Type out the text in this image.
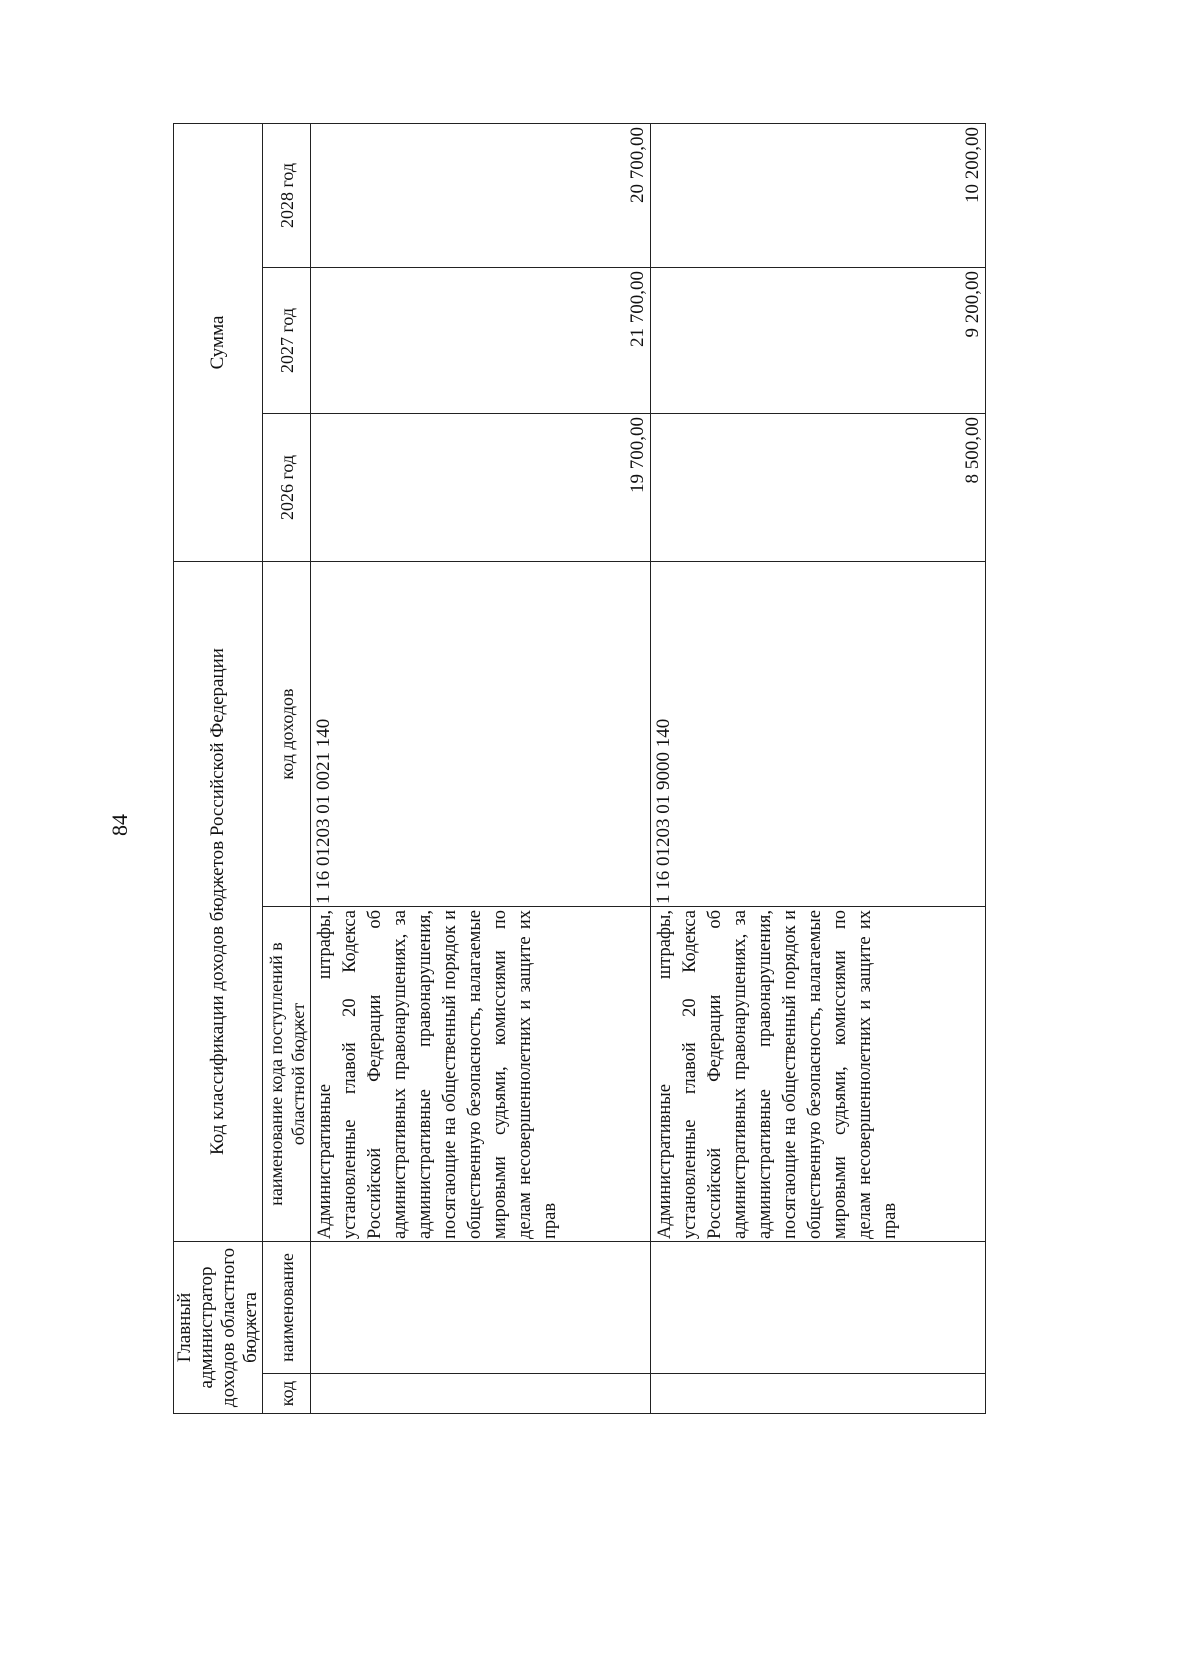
84
Главный администратор доходов областного бюджета		Код классификации доходов бюджетов Российской Федерации		Сумма		
код	наименование	наименование кода поступлений в областной бюджет	код доходов	2026 год	2027 год	2028 год
		Административные штрафы, установленные главой 20 Кодекса Российской Федерации об административных правонарушениях, за административные правонарушения, посягающие на общественный порядок и общественную безопасность, налагаемые мировыми судьями, комиссиями по делам несовершеннолетних и защите их прав	1 16 01203 01 0021 140	19 700,00	21 700,00	20 700,00
		Административные штрафы, установленные главой 20 Кодекса Российской Федерации об административных правонарушениях, за административные правонарушения, посягающие на общественный порядок и общественную безопасность, налагаемые мировыми судьями, комиссиями по делам несовершеннолетних и защите их прав	1 16 01203 01 9000 140	8 500,00	9 200,00	10 200,00
